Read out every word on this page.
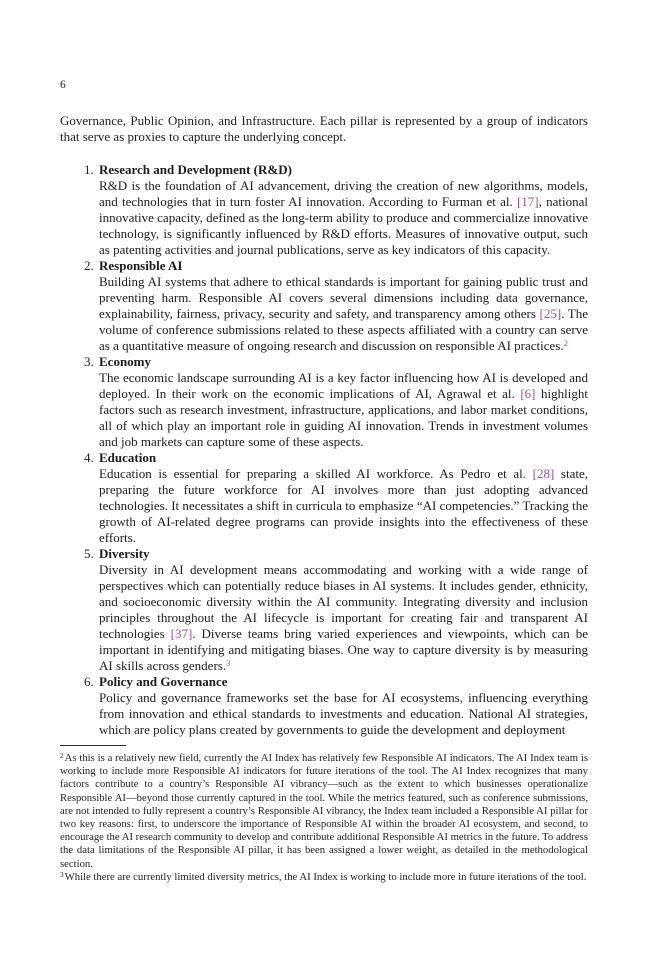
6

Governance, Public Opinion, and Infrastructure. Each pillar is represented by a group of indicators that serve as proxies to capture the underlying concept.

1. Research and Development (R&D)
R&D is the foundation of AI advancement, driving the creation of new algorithms, models, and technologies that in turn foster AI innovation. According to Furman et al. [17], national innovative capacity, defined as the long-term ability to produce and commercialize innovative technology, is significantly influenced by R&D efforts. Measures of innovative output, such as patenting activities and journal publications, serve as key indicators of this capacity.
2. Responsible AI
Building AI systems that adhere to ethical standards is important for gaining public trust and preventing harm. Responsible AI covers several dimensions including data governance, explainability, fairness, privacy, security and safety, and transparency among others [25]. The volume of conference submissions related to these aspects affiliated with a country can serve as a quantitative measure of ongoing research and discussion on responsible AI practices.$^2$
3. Economy
The economic landscape surrounding AI is a key factor influencing how AI is developed and deployed. In their work on the economic implications of AI, Agrawal et al. [6] highlight factors such as research investment, infrastructure, applications, and labor market conditions, all of which play an important role in guiding AI innovation. Trends in investment volumes and job markets can capture some of these aspects.
4. Education
Education is essential for preparing a skilled AI workforce. As Pedro et al. [28] state, preparing the future workforce for AI involves more than just adopting advanced technologies. It necessitates a shift in curricula to emphasize “AI competencies.” Tracking the growth of AI-related degree programs can provide insights into the effectiveness of these efforts.
5. Diversity
Diversity in AI development means accommodating and working with a wide range of perspectives which can potentially reduce biases in AI systems. It includes gender, ethnicity, and socioeconomic diversity within the AI community. Integrating diversity and inclusion principles throughout the AI lifecycle is important for creating fair and transparent AI technologies [37]. Diverse teams bring varied experiences and viewpoints, which can be important in identifying and mitigating biases. One way to capture diversity is by measuring AI skills across genders.$^3$
6. Policy and Governance
Policy and governance frameworks set the base for AI ecosystems, influencing everything from innovation and ethical standards to investments and education. National AI strategies, which are policy plans created by governments to guide the development and deployment

$^2$As this is a relatively new field, currently the AI Index has relatively few Responsible AI indicators. The AI Index team is working to include more Responsible AI indicators for future iterations of the tool. The AI Index recognizes that many factors contribute to a country’s Responsible AI vibrancy—such as the extent to which businesses operationalize Responsible AI—beyond those currently captured in the tool. While the metrics featured, such as conference submissions, are not intended to fully represent a country’s Responsible AI vibrancy, the Index team included a Responsible AI pillar for two key reasons: first, to underscore the importance of Responsible AI within the broader AI ecosystem, and second, to encourage the AI research community to develop and contribute additional Responsible AI metrics in the future. To address the data limitations of the Responsible AI pillar, it has been assigned a lower weight, as detailed in the methodological section.

$^3$While there are currently limited diversity metrics, the AI Index is working to include more in future iterations of the tool.
